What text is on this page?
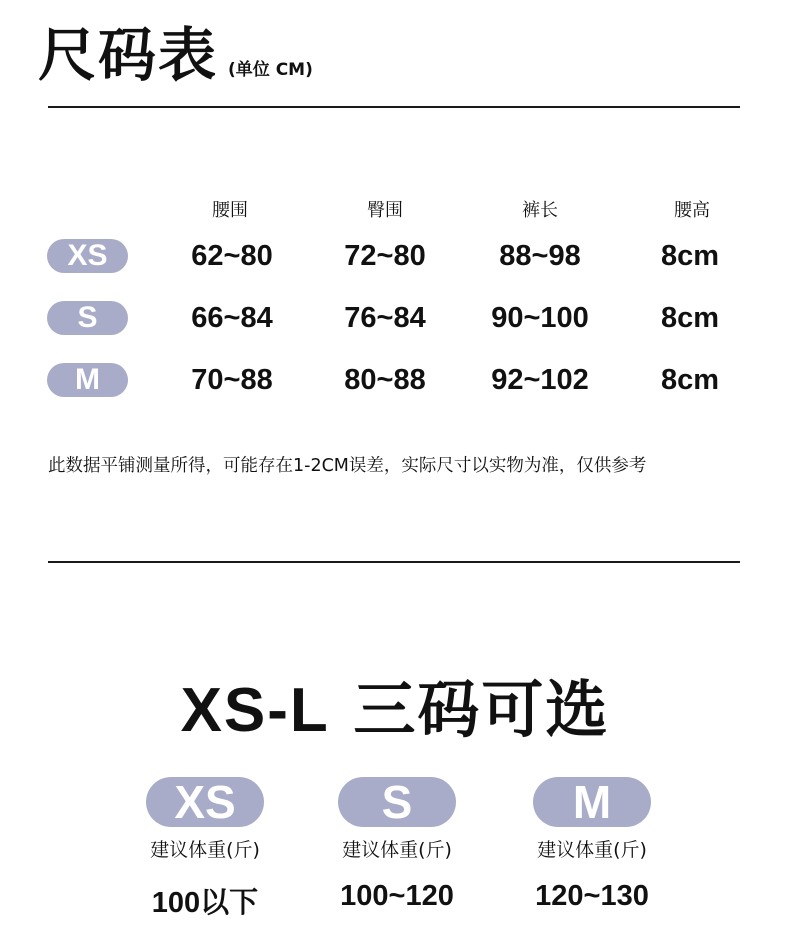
尺码表 (单位 CM)
腰围	臀围	裤长	腰高
XS	62~80	72~80	88~98	8cm
S	66~84	76~84	90~100	8cm
M	70~88	80~88	92~102	8cm
此数据平铺测量所得，可能存在1-2CM误差，实际尺寸以实物为准，仅供参考
XS-L 三码可选
XS
建议体重(斤)
100以下
S
建议体重(斤)
100~120
M
建议体重(斤)
120~130
